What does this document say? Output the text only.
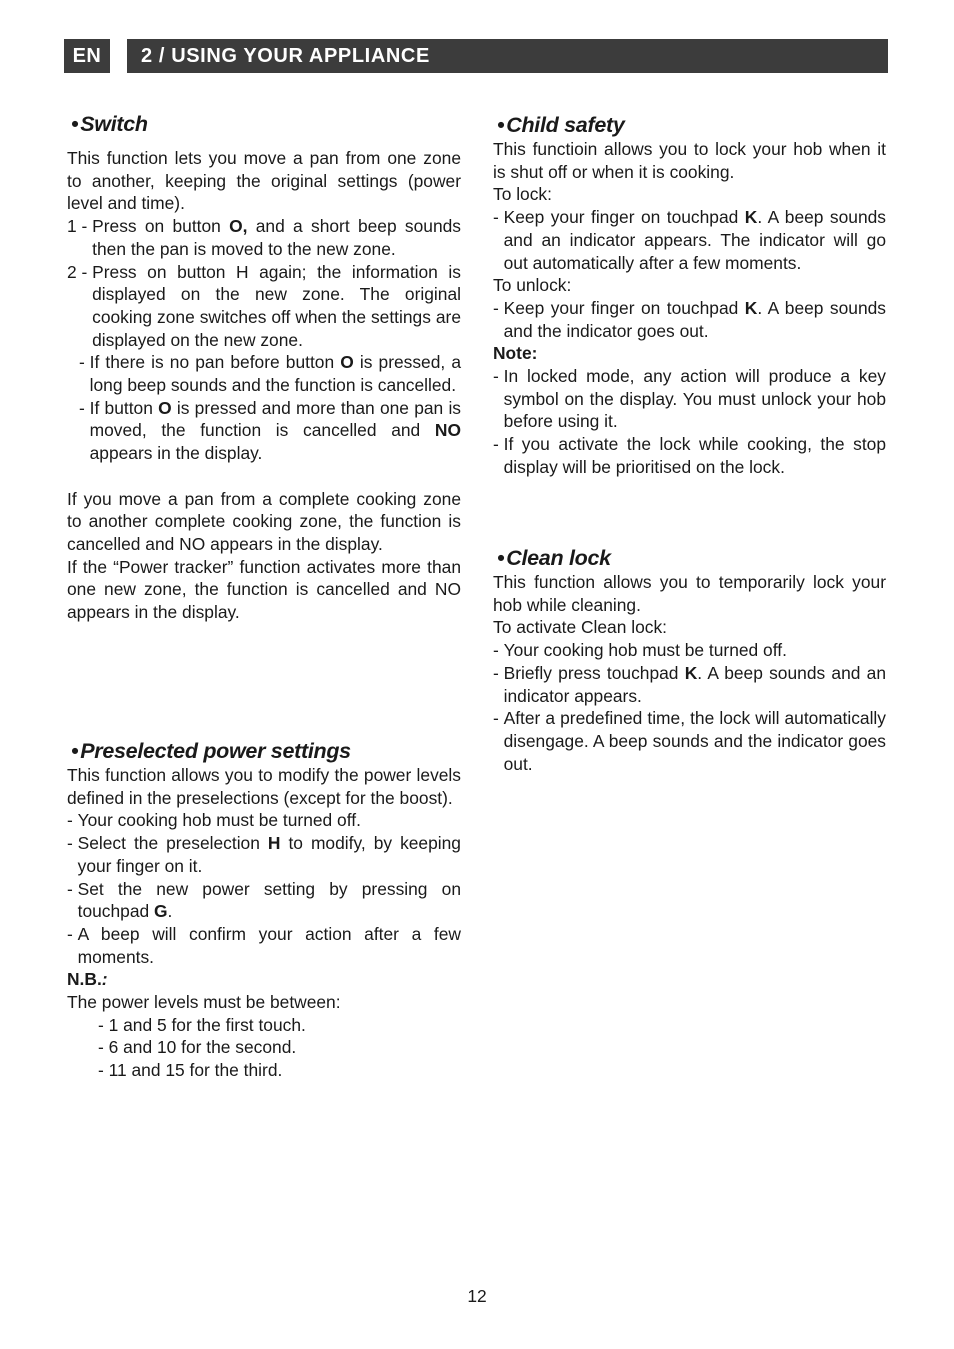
EN	2 / USING YOUR APPLIANCE
•Switch

This function lets you move a pan from one zone to another, keeping the original settings (power level and time).

1 - Press on button O, and a short beep sounds then the pan is moved to the new zone.
2 - Press on button H again; the information is displayed on the new zone. The original cooking zone switches off when the settings are displayed on the new zone.
- If there is no pan before button O is pressed, a long beep sounds and the function is cancelled.
- If button O is pressed and more than one pan is moved, the function is cancelled and NO appears in the display.

If you move a pan from a complete cooking zone to another complete cooking zone, the function is cancelled and NO appears in the display.

If the “Power tracker” function activates more than one new zone, the function is cancelled and NO appears in the display.

•Preselected power settings

This function allows you to modify the power levels defined in the preselections (except for the boost).

- Your cooking hob must be turned off.
- Select the preselection H to modify, by keeping your finger on it.
- Set the new power setting by pressing on touchpad G.
- A beep will confirm your action after a few moments.
N.B.:
The power levels must be between:
- 1 and 5 for the first touch.
- 6 and 10 for the second.
- 11 and 15 for the third.
•Child safety

This functioin allows you to lock your hob when it is shut off or when it is cooking.

To lock:
- Keep your finger on touchpad K. A beep sounds and an indicator appears. The indicator will go out automatically after a few moments.
To unlock:
- Keep your finger on touchpad K. A beep sounds and the indicator goes out.
Note:
- In locked mode, any action will produce a key symbol on the display. You must unlock your hob before using it.
- If you activate the lock while cooking, the stop display will be prioritised on the lock.
•Clean lock

This function allows you to temporarily lock your hob while cleaning.

To activate Clean lock:
- Your cooking hob must be turned off.
- Briefly press touchpad K. A beep sounds and an indicator appears.
- After a predefined time, the lock will automatically disengage. A beep sounds and the indicator goes out.
12
